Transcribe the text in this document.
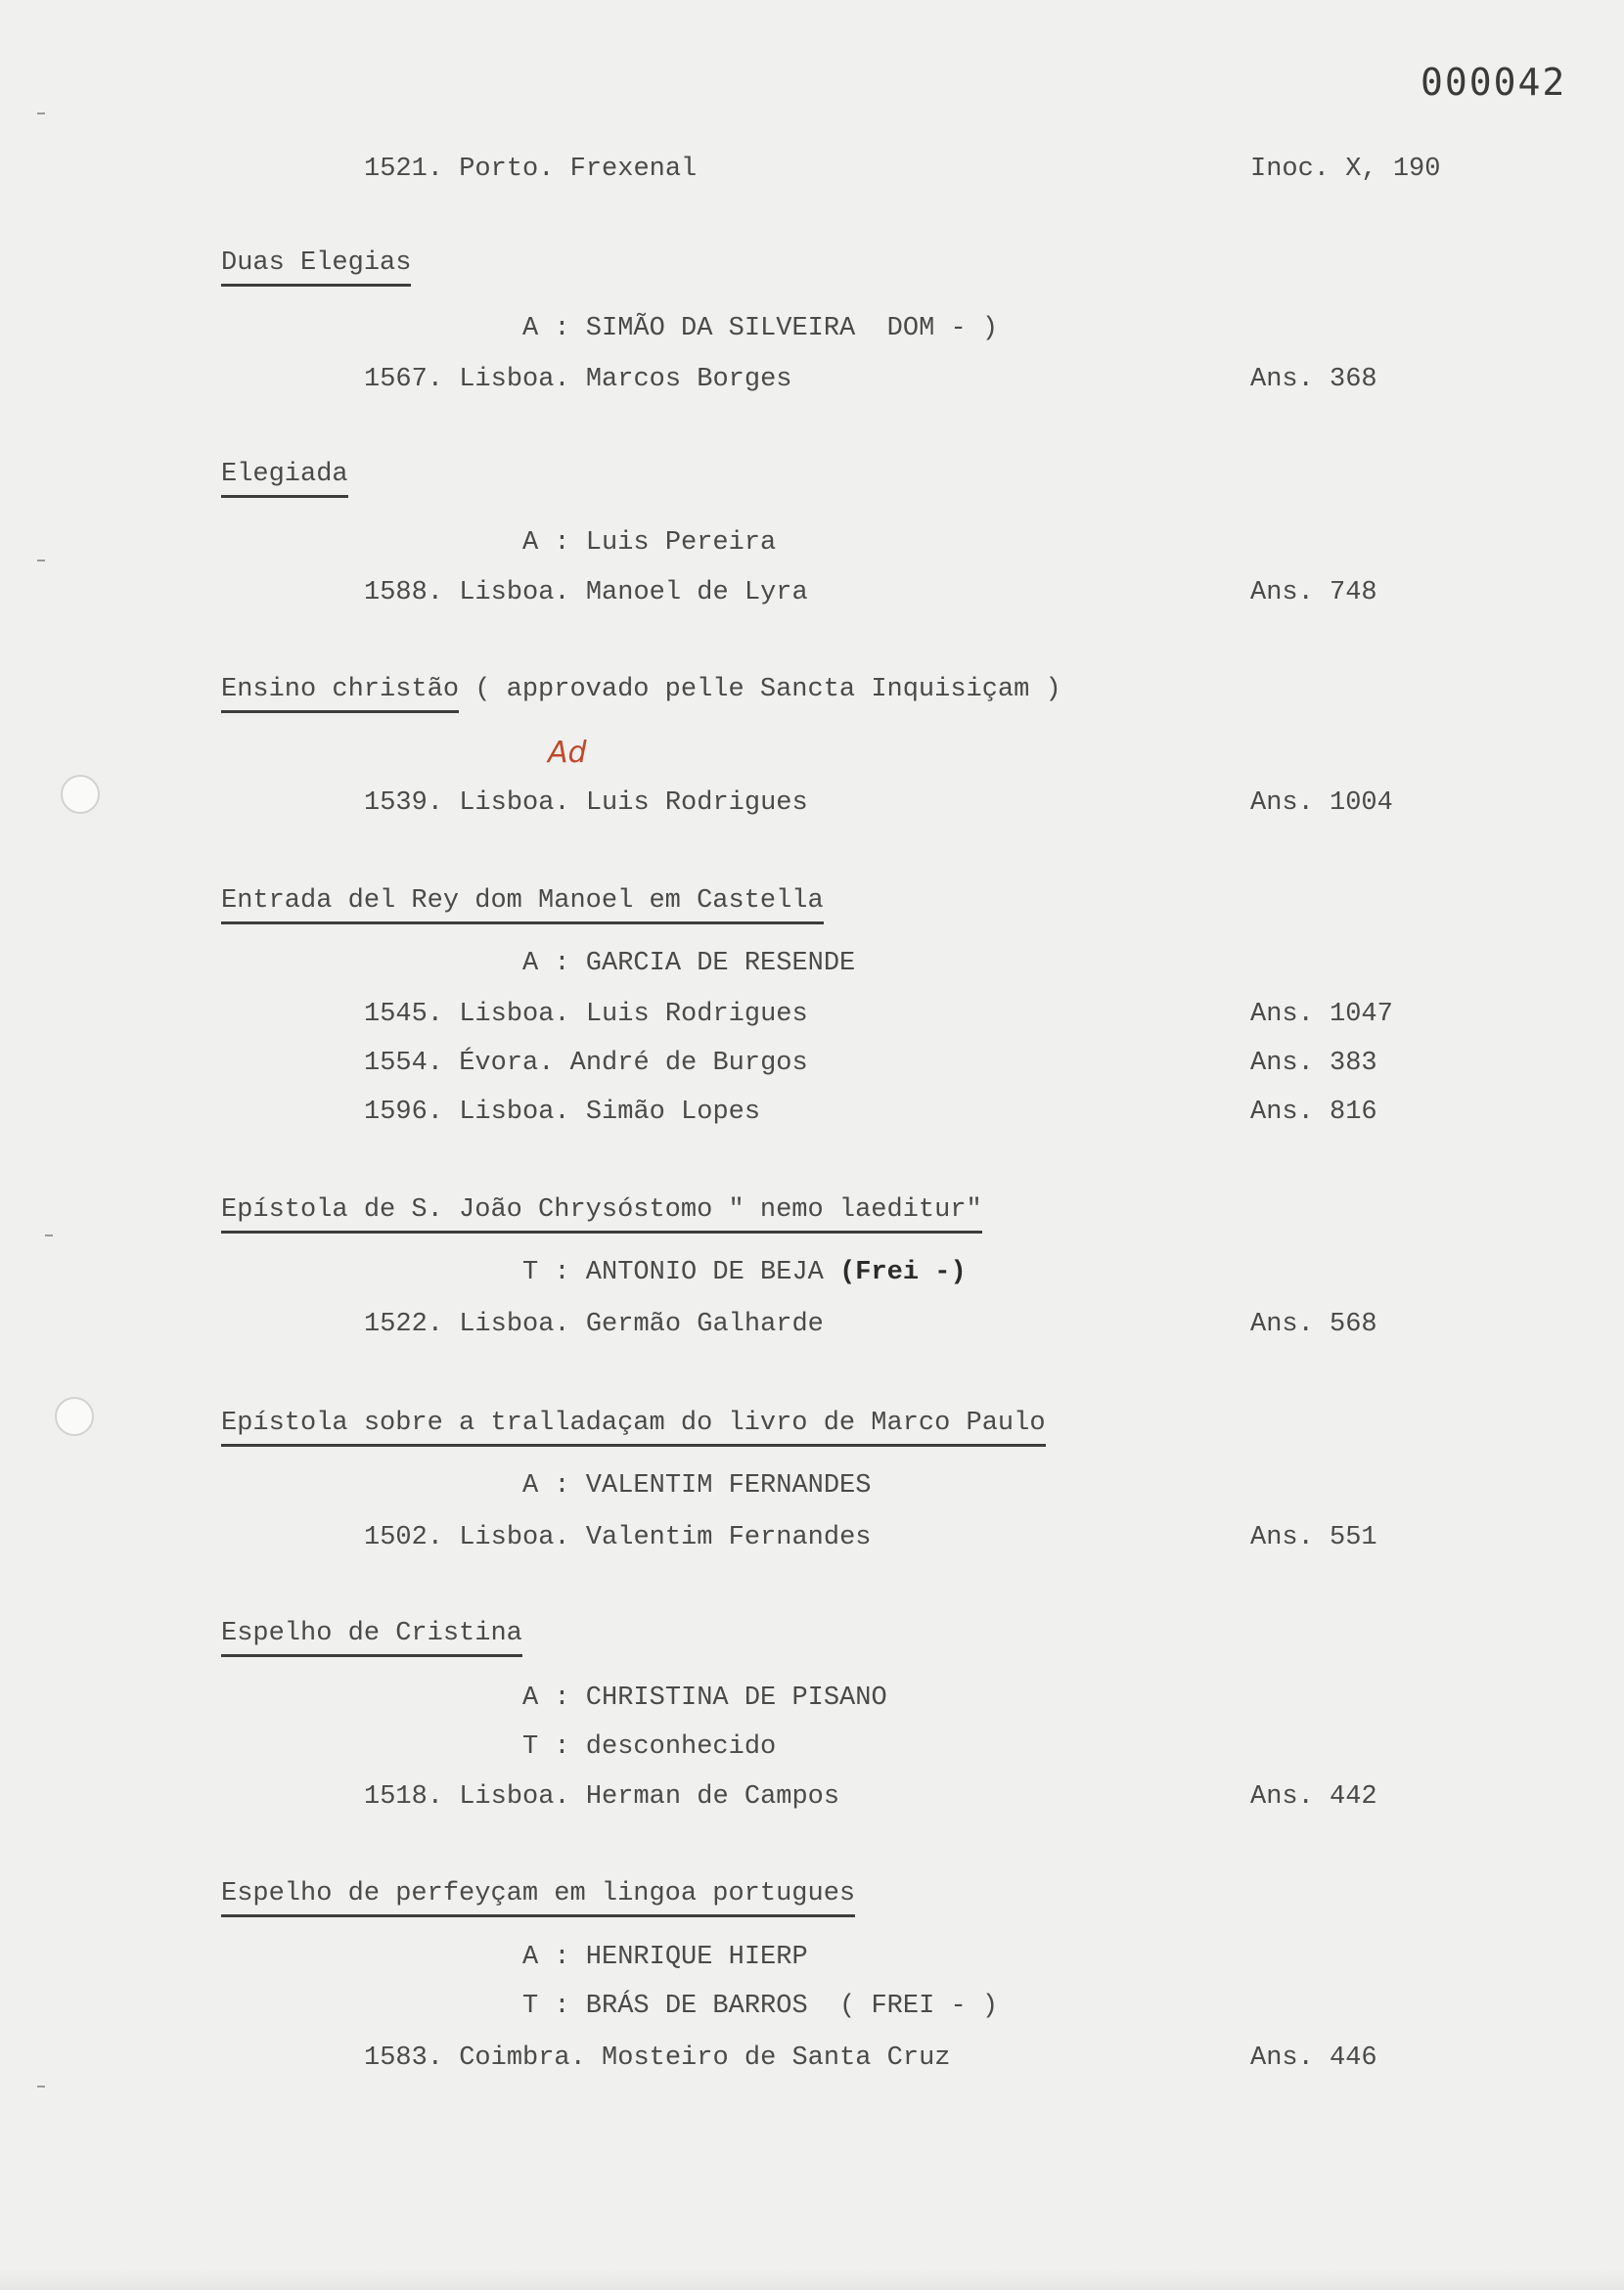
000042
1521. Porto. Frexenal	Inoc. X, 190
Duas Elegias
A : SIMÃO DA SILVEIRA  DOM - )
1567. Lisboa. Marcos Borges	Ans. 368
Elegiada
A : Luis Pereira
1588. Lisboa. Manoel de Lyra	Ans. 748
Ensino christão ( approvado pelle Sancta Inquisiçam )
Ad
1539. Lisboa. Luis Rodrigues	Ans. 1004
Entrada del Rey dom Manoel em Castella
A : GARCIA DE RESENDE
1545. Lisboa. Luis Rodrigues	Ans. 1047
1554. Évora. André de Burgos	Ans. 383
1596. Lisboa. Simão Lopes	Ans. 816
Epístola de S. João Chrysóstomo " nemo laeditur"
T : ANTONIO DE BEJA (Frei -)
1522. Lisboa. Germão Galharde	Ans. 568
Epístola sobre a tralladaçam do livro de Marco Paulo
A : VALENTIM FERNANDES
1502. Lisboa. Valentim Fernandes	Ans. 551
Espelho de Cristina
A : CHRISTINA DE PISANO
T : desconhecido
1518. Lisboa. Herman de Campos	Ans. 442
Espelho de perfeyçam em lingoa portugues
A : HENRIQUE HIERP
T : BRÁS DE BARROS  ( FREI - )
1583. Coimbra. Mosteiro de Santa Cruz	Ans. 446
